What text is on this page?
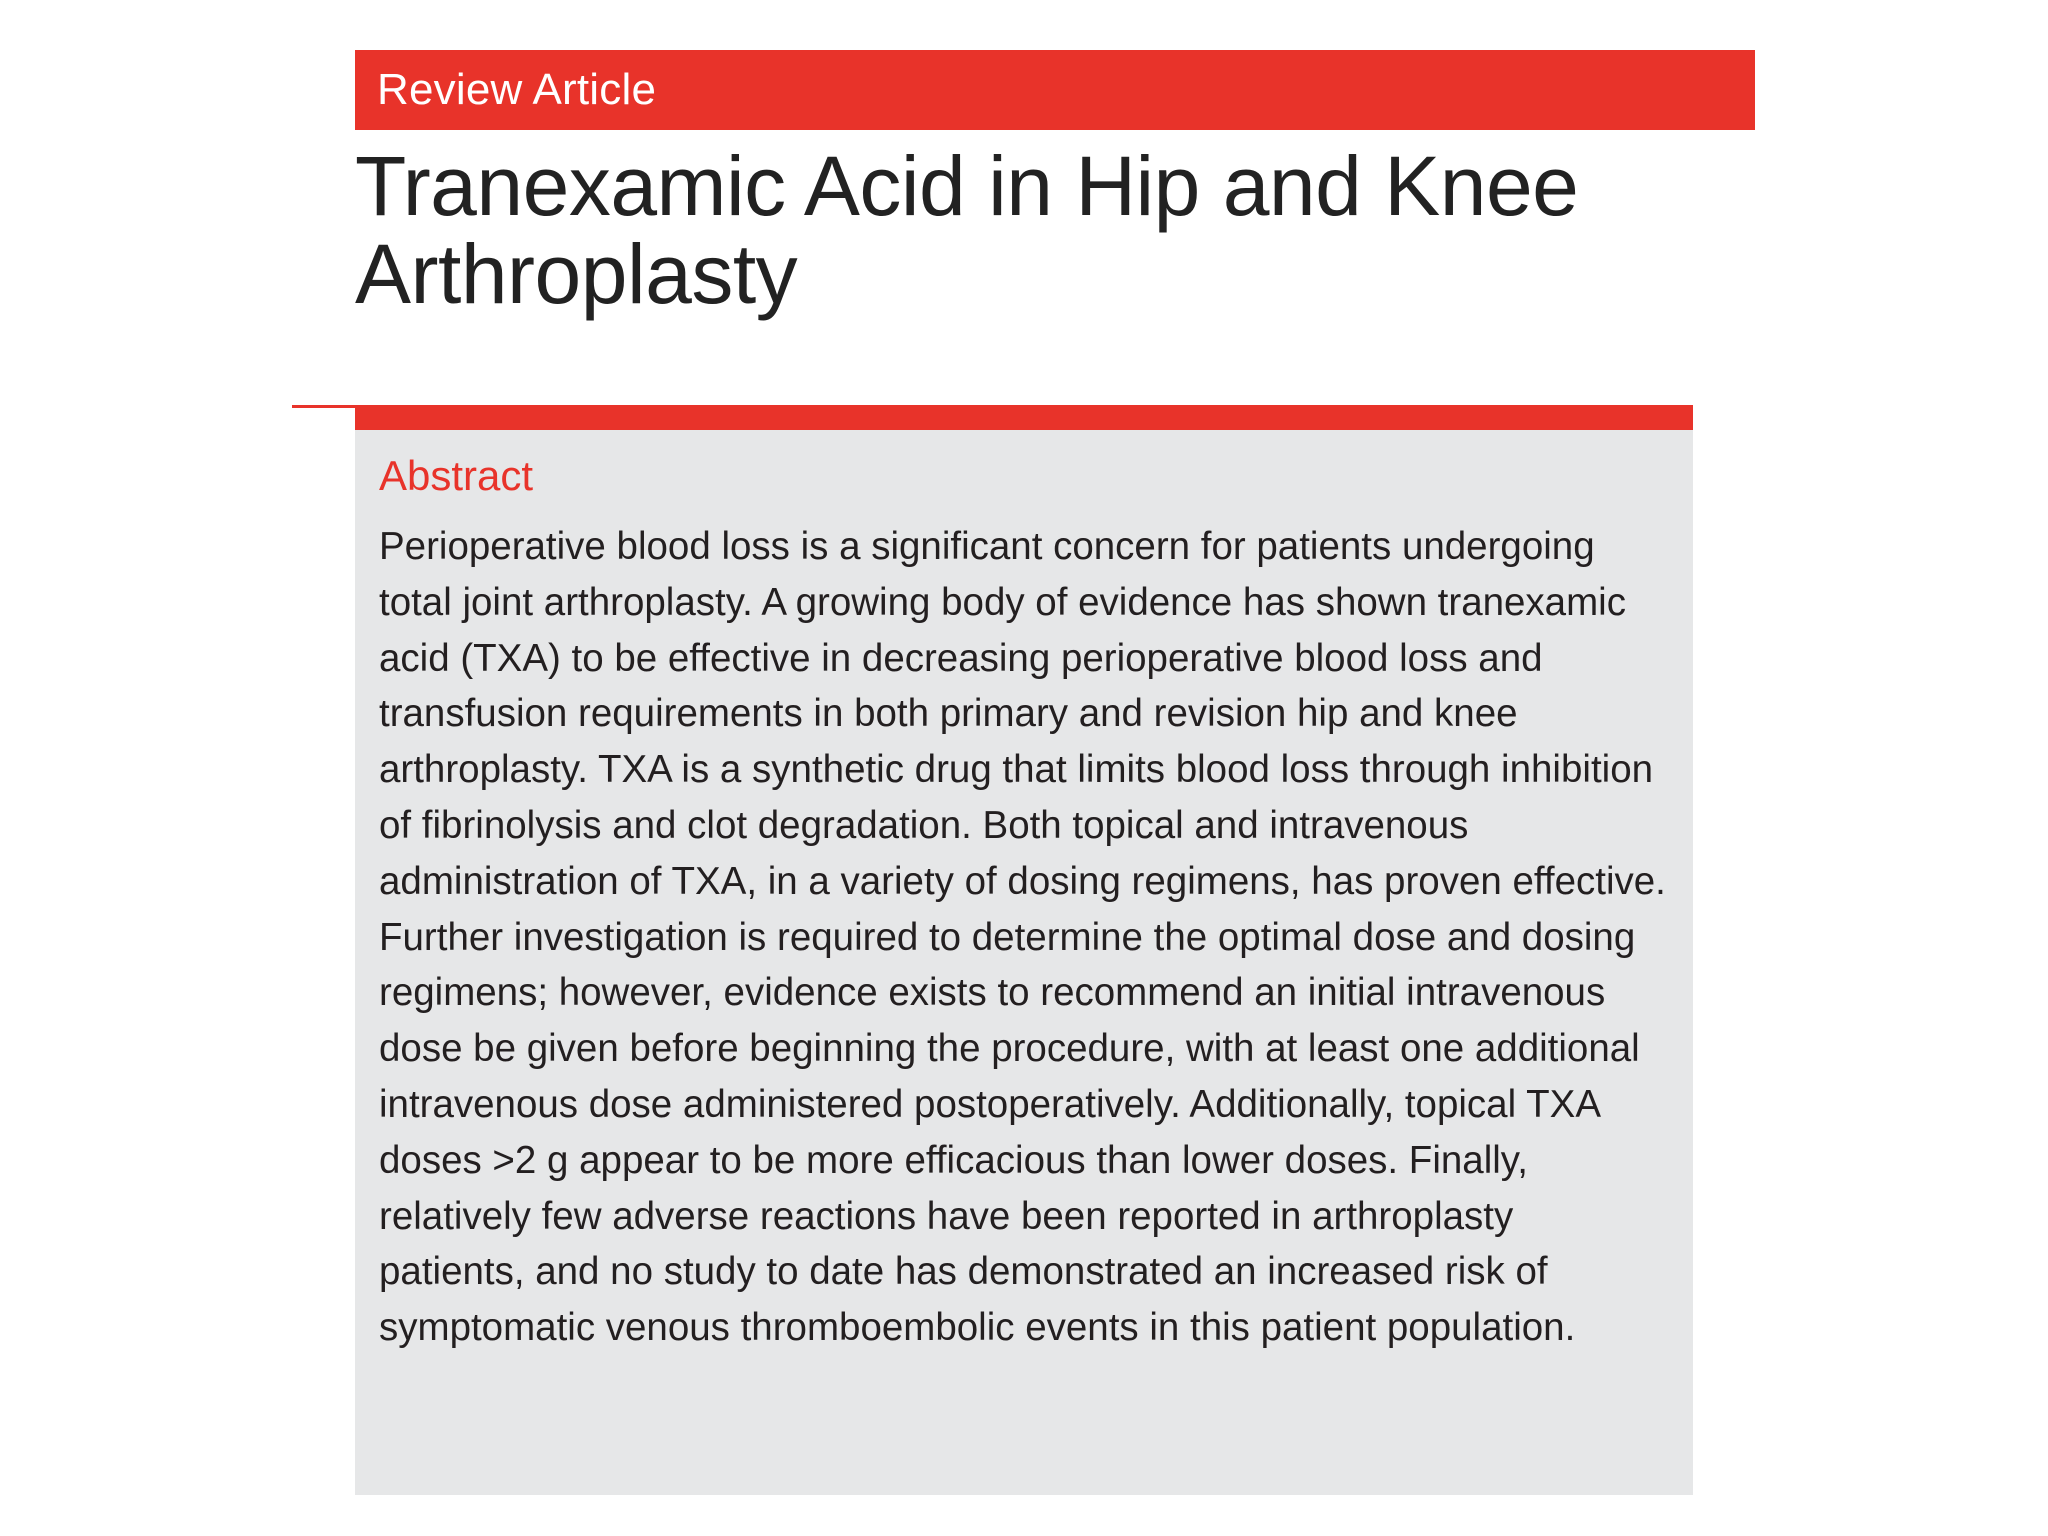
Review Article
Tranexamic Acid in Hip and Knee Arthroplasty
Abstract

Perioperative blood loss is a significant concern for patients undergoing total joint arthroplasty. A growing body of evidence has shown tranexamic acid (TXA) to be effective in decreasing perioperative blood loss and transfusion requirements in both primary and revision hip and knee arthroplasty. TXA is a synthetic drug that limits blood loss through inhibition of fibrinolysis and clot degradation. Both topical and intravenous administration of TXA, in a variety of dosing regimens, has proven effective. Further investigation is required to determine the optimal dose and dosing regimens; however, evidence exists to recommend an initial intravenous dose be given before beginning the procedure, with at least one additional intravenous dose administered postoperatively. Additionally, topical TXA doses >2 g appear to be more efficacious than lower doses. Finally, relatively few adverse reactions have been reported in arthroplasty patients, and no study to date has demonstrated an increased risk of symptomatic venous thromboembolic events in this patient population.
